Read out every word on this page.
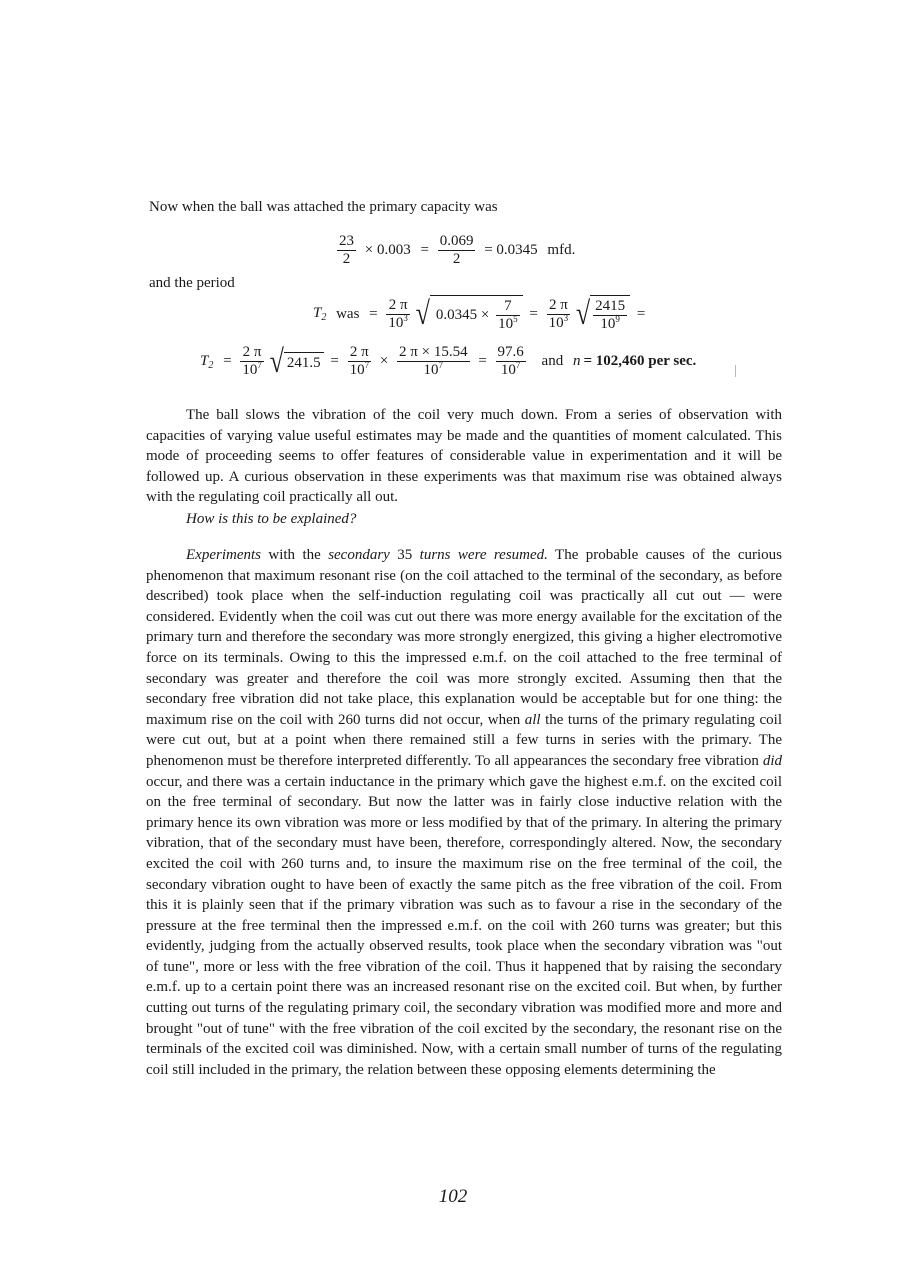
Now when the ball was attached the primary capacity was
$\frac{23}{2} \times 0.003 = \frac{0.069}{2} = 0.0345$ mfd.
and the period
$T_2$ was = $\frac{2 \pi}{10^3}$ √ $0.0345 \times \frac{7}{10^5} = \frac{2 \pi}{10^3}$ √ $\frac{2415}{10^9}$ =
$T_2 = \frac{2 \pi}{10^7}$ √ $241.5 = \frac{2 \pi}{10^7} \times \frac{2 \pi \times 15.54}{10^7} = \frac{97.6}{10^7}$ and n = 102,460 per sec.

The ball slows the vibration of the coil very much down. From a series of observation with capacities of varying value useful estimates may be made and the quantities of moment calculated. This mode of proceeding seems to offer features of considerable value in experimentation and it will be followed up. A curious observation in these experiments was that maximum rise was obtained always with the regulating coil practically all out.

How is this to be explained?

Experiments with the secondary 35 turns were resumed. The probable causes of the curious phenomenon that maximum resonant rise (on the coil attached to the terminal of the secondary, as before described) took place when the self-induction regulating coil was practically all cut out — were considered. Evidently when the coil was cut out there was more energy available for the excitation of the primary turn and therefore the secondary was more strongly energized, this giving a higher electromotive force on its terminals. Owing to this the impressed e.m.f. on the coil attached to the free terminal of secondary was greater and therefore the coil was more strongly excited. Assuming then that the secondary free vibration did not take place, this explanation would be acceptable but for one thing: the maximum rise on the coil with 260 turns did not occur, when all the turns of the primary regulating coil were cut out, but at a point when there remained still a few turns in series with the primary. The phenomenon must be therefore interpreted differently. To all appearances the secondary free vibration did occur, and there was a certain inductance in the primary which gave the highest e.m.f. on the excited coil on the free terminal of secondary. But now the latter was in fairly close inductive relation with the primary hence its own vibration was more or less modified by that of the primary. In altering the primary vibration, that of the secondary must have been, therefore, correspondingly altered. Now, the secondary excited the coil with 260 turns and, to insure the maximum rise on the free terminal of the coil, the secondary vibration ought to have been of exactly the same pitch as the free vibration of the coil. From this it is plainly seen that if the primary vibration was such as to favour a rise in the secondary of the pressure at the free terminal then the impressed e.m.f. on the coil with 260 turns was greater; but this evidently, judging from the actually observed results, took place when the secondary vibration was "out of tune", more or less with the free vibration of the coil. Thus it happened that by raising the secondary e.m.f. up to a certain point there was an increased resonant rise on the excited coil. But when, by further cutting out turns of the regulating primary coil, the secondary vibration was modified more and more and brought "out of tune" with the free vibration of the coil excited by the secondary, the resonant rise on the terminals of the excited coil was diminished. Now, with a certain small number of turns of the regulating coil still included in the primary, the relation between these opposing elements determining the

102
